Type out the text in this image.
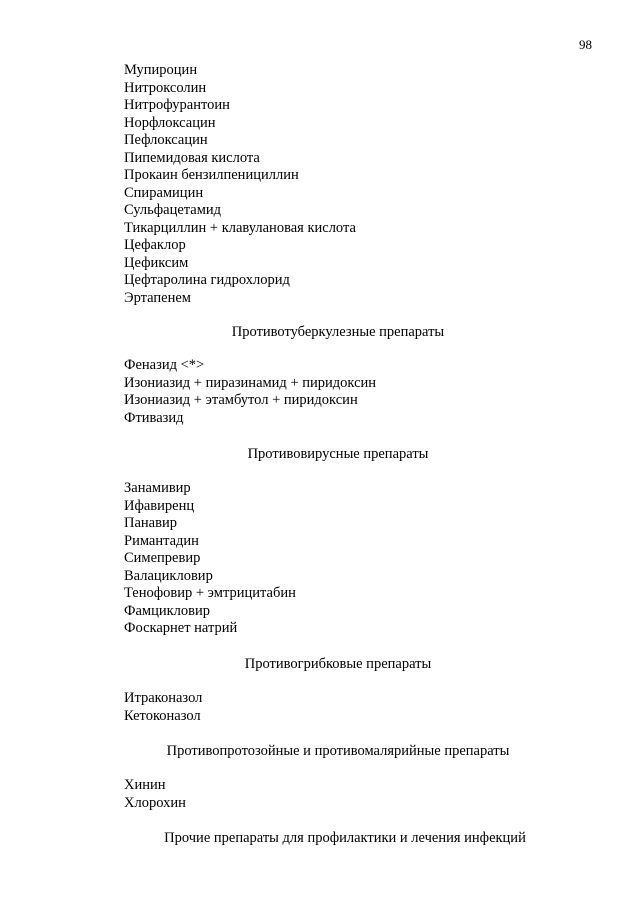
98
Мупироцин
Нитроксолин
Нитрофурантоин
Норфлоксацин
Пефлоксацин
Пипемидовая кислота
Прокаин бензилпенициллин
Спирамицин
Сульфацетамид
Тикарциллин + клавулановая кислота
Цефаклор
Цефиксим
Цефтаролина гидрохлорид
Эртапенем
Противотуберкулезные препараты
Феназид <*>
Изониазид + пиразинамид + пиридоксин
Изониазид + этамбутол + пиридоксин
Фтивазид
Противовирусные препараты
Занамивир
Ифавиренц
Панавир
Римантадин
Симепревир
Валацикловир
Тенофовир + эмтрицитабин
Фамцикловир
Фоскарнет натрий
Противогрибковые препараты
Итраконазол
Кетоконазол
Противопротозойные и противомалярийные препараты
Хинин
Хлорохин
Прочие препараты для профилактики и лечения инфекций
